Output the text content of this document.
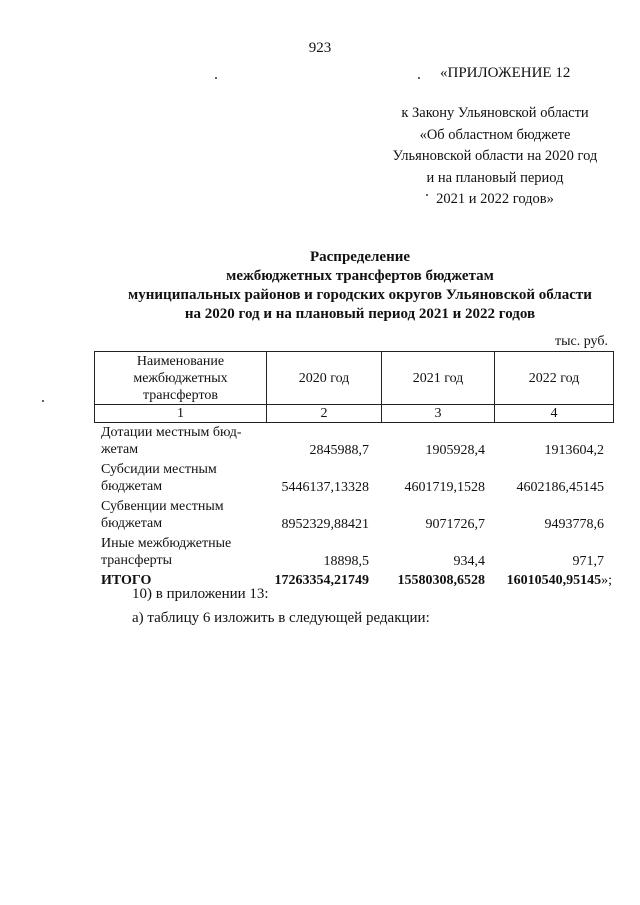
923
«ПРИЛОЖЕНИЕ 12
к Закону Ульяновской области
«Об областном бюджете
Ульяновской области на 2020 год
и на плановый период
2021 и 2022 годов»
Распределение
межбюджетных трансфертов бюджетам
муниципальных районов и городских округов Ульяновской области
на 2020 год и на плановый период 2021 и 2022 годов
тыс. руб.
Наименование
межбюджетных
трансфертов	2020 год	2021 год	2022 год
1	2	3	4
Дотации местным бюд-
жетам	2845988,7	1905928,4	1913604,2
Субсидии местным
бюджетам	5446137,13328	4601719,1528 4602186,45145
Субвенции местным
бюджетам	8952329,88421	9071726,7	9493778,6
Иные межбюджетные
трансферты	18898,5	934,4	971,7
ИТОГО	17263354,21749 15580308,6528 16010540,95145»;
10) в приложении 13:
а) таблицу 6 изложить в следующей редакции:
